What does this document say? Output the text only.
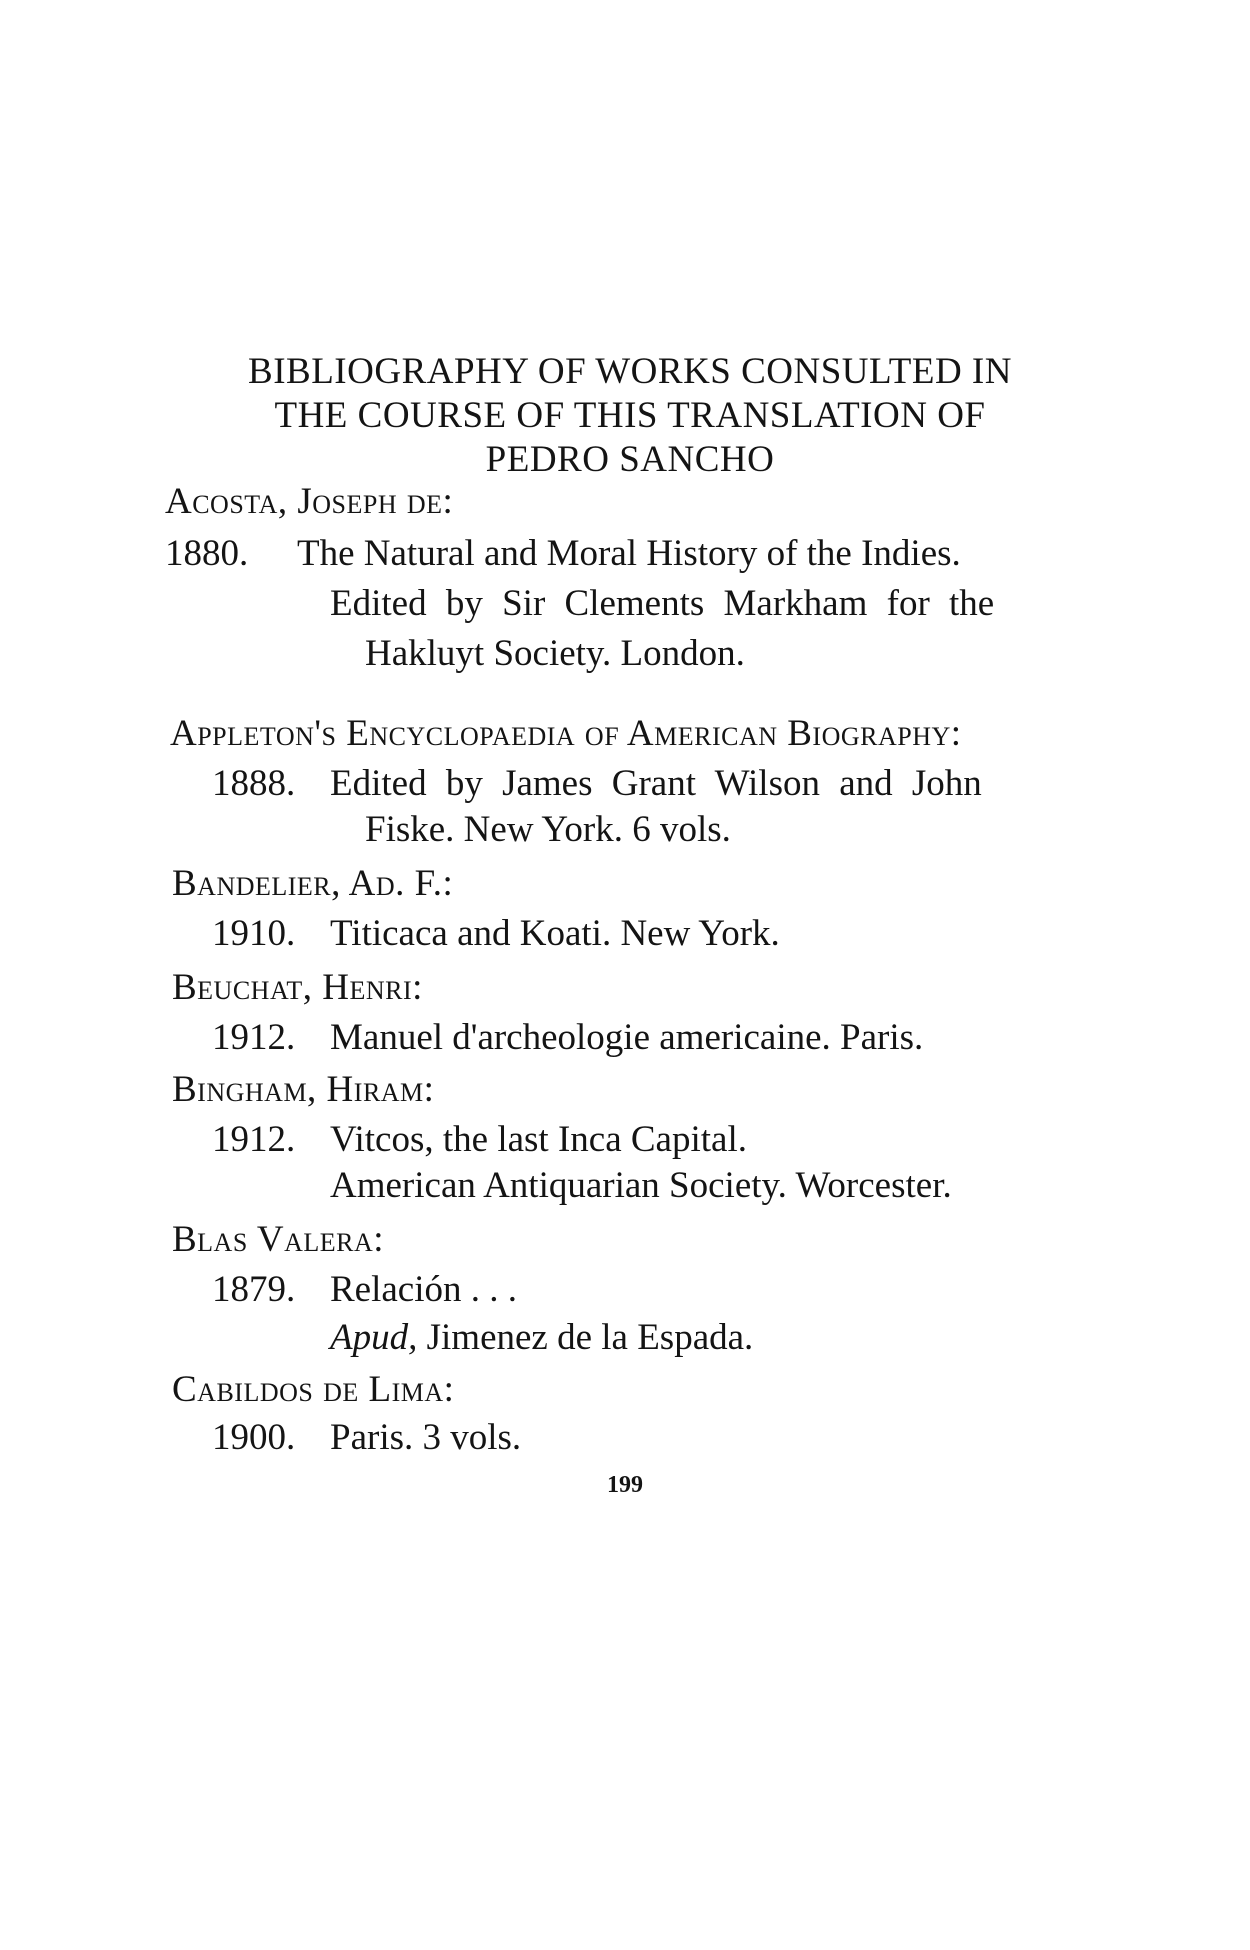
BIBLIOGRAPHY OF WORKS CONSULTED IN
THE COURSE OF THIS TRANSLATION OF
PEDRO SANCHO
Acosta, Joseph de:
1880. The Natural and Moral History of the Indies.
Edited by Sir Clements Markham for the
Hakluyt Society. London.
Appleton's Encyclopaedia of American Biography:
1888. Edited by James Grant Wilson and John
Fiske. New York. 6 vols.
Bandelier, Ad. F.:
1910. Titicaca and Koati. New York.
Beuchat, Henri:
1912. Manuel d'archeologie americaine. Paris.
Bingham, Hiram:
1912. Vitcos, the last Inca Capital.
American Antiquarian Society. Worcester.
Blas Valera:
1879. Relación . . .
Apud, Jimenez de la Espada.
Cabildos de Lima:
1900. Paris. 3 vols.
199
